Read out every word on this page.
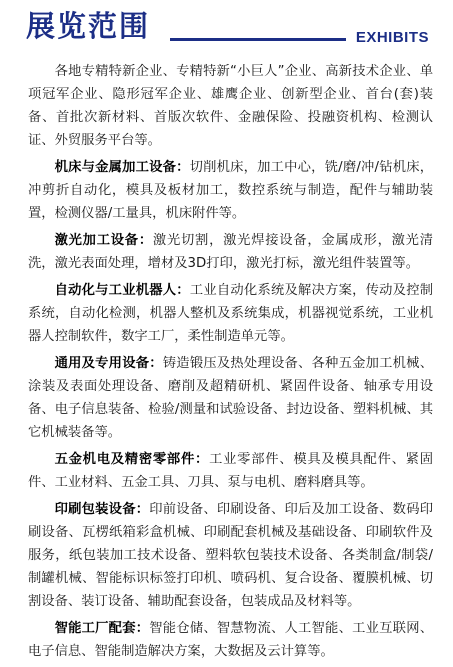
展览范围	EXHIBITS

各地专精特新企业、专精特新“小巨人”企业、高新技术企业、单项冠军企业、隐形冠军企业、雄鹰企业、创新型企业、首台(套)装备、首批次新材料、首版次软件、金融保险、投融资机构、检测认证、外贸服务平台等。

机床与金属加工设备：切削机床，加工中心，铣/磨/冲/钻机床，冲剪折自动化，模具及板材加工，数控系统与制造，配件与辅助装置，检测仪器/工量具，机床附件等。

激光加工设备：激光切割，激光焊接设备，金属成形，激光清洗，激光表面处理，增材及3D打印，激光打标，激光组件装置等。

自动化与工业机器人：工业自动化系统及解决方案，传动及控制系统，自动化检测，机器人整机及系统集成，机器视觉系统，工业机器人控制软件，数字工厂，柔性制造单元等。

通用及专用设备：铸造锻压及热处理设备、各种五金加工机械、涂装及表面处理设备、磨削及超精研机、紧固件设备、轴承专用设备、电子信息装备、检验/测量和试验设备、封边设备、塑料机械、其它机械装备等。

五金机电及精密零部件：工业零部件、模具及模具配件、紧固件、工业材料、五金工具、刀具、泵与电机、磨料磨具等。

印刷包装设备：印前设备、印刷设备、印后及加工设备、数码印刷设备、瓦楞纸箱彩盒机械、印刷配套机械及基础设备、印刷软件及服务，纸包装加工技术设备、塑料软包装技术设备、各类制盒/制袋/制罐机械、智能标识标签打印机、喷码机、复合设备、覆膜机械、切割设备、装订设备、辅助配套设备，包装成品及材料等。

智能工厂配套：智能仓储、智慧物流、人工智能、工业互联网、电子信息、智能制造解决方案，大数据及云计算等。
